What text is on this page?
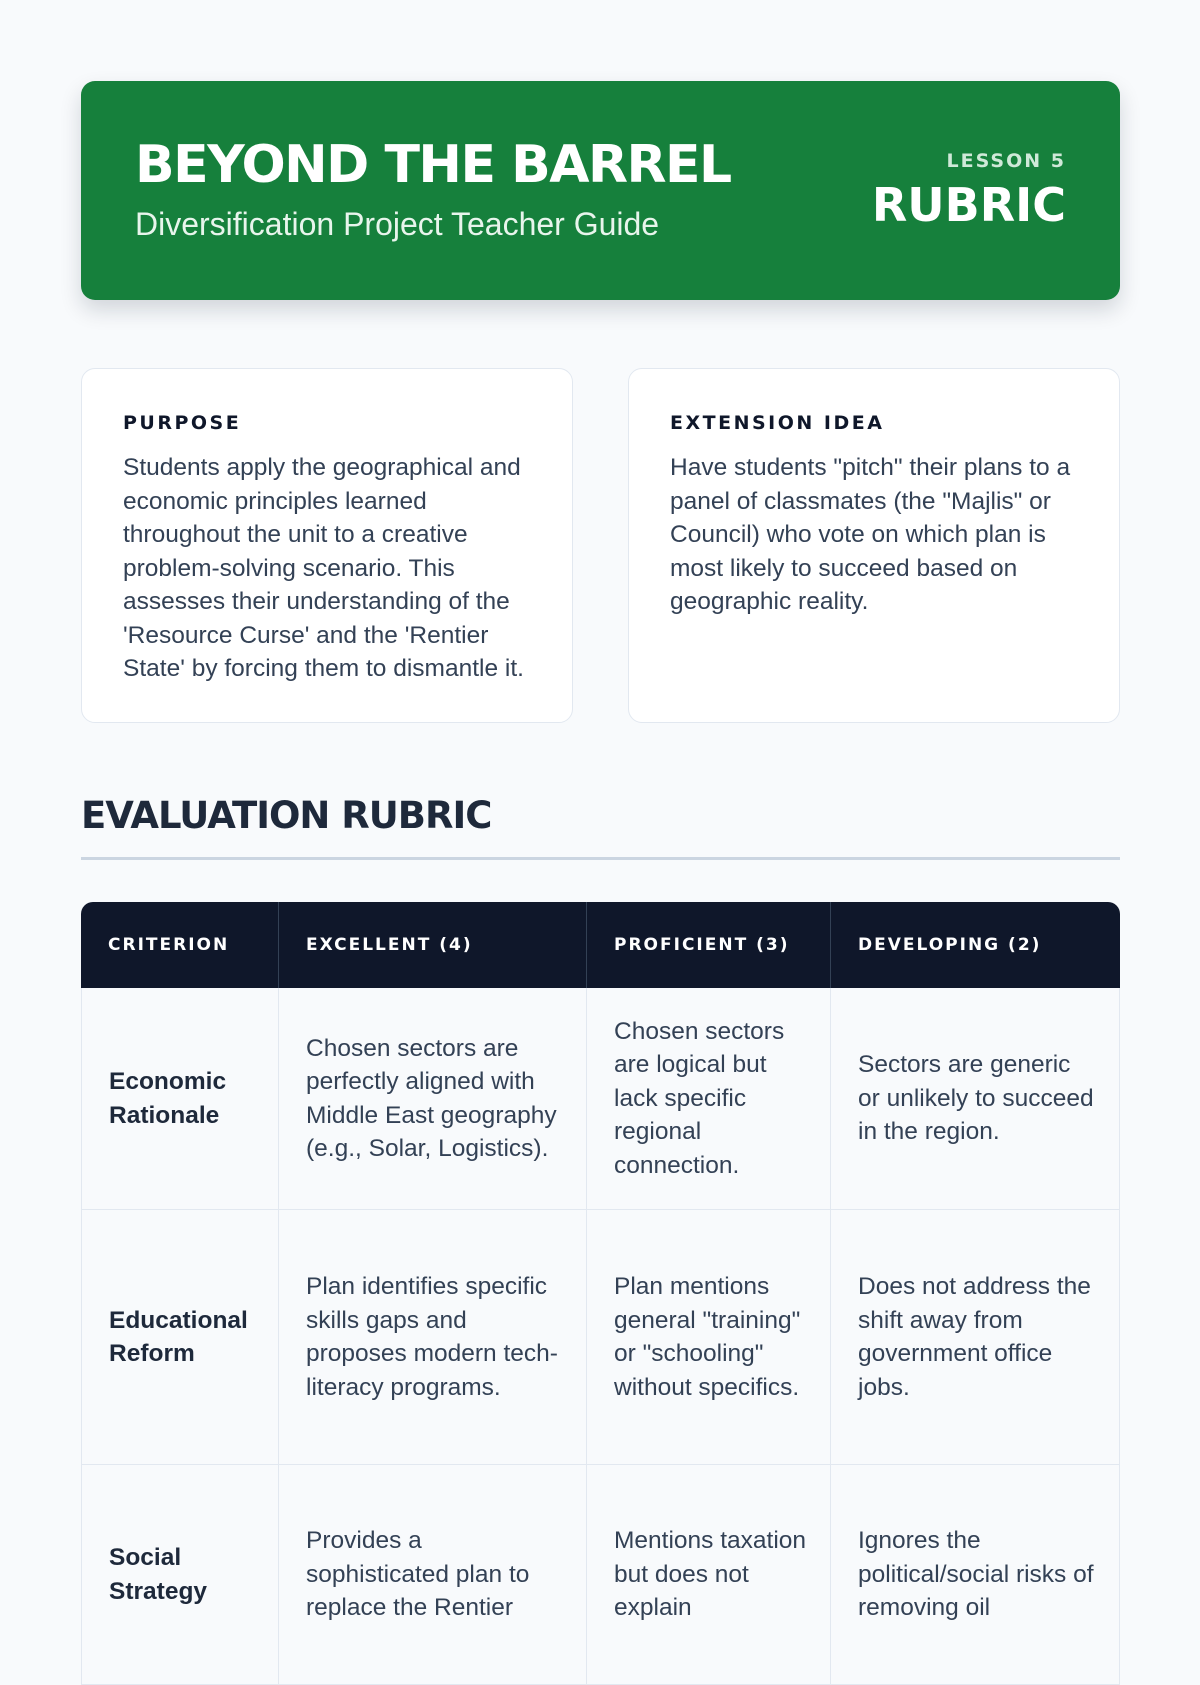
BEYOND THE BARREL
Diversification Project Teacher Guide
LESSON 5
RUBRIC
PURPOSE
Students apply the geographical and economic principles learned throughout the unit to a creative problem-solving scenario. This assesses their understanding of the 'Resource Curse' and the 'Rentier State' by forcing them to dismantle it.
EXTENSION IDEA
Have students "pitch" their plans to a panel of classmates (the "Majlis" or Council) who vote on which plan is most likely to succeed based on geographic reality.
EVALUATION RUBRIC
CRITERION	EXCELLENT (4)	PROFICIENT (3)	DEVELOPING (2)
Economic Rationale	Chosen sectors are perfectly aligned with Middle East geography (e.g., Solar, Logistics).	Chosen sectors are logical but lack specific regional connection.	Sectors are generic or unlikely to succeed in the region.
Educational Reform	Plan identifies specific skills gaps and proposes modern tech-literacy programs.	Plan mentions general "training" or "schooling" without specifics.	Does not address the shift away from government office jobs.
Social Strategy	Provides a sophisticated plan to replace the Rentier	Mentions taxation but does not explain	Ignores the political/social risks of removing oil
